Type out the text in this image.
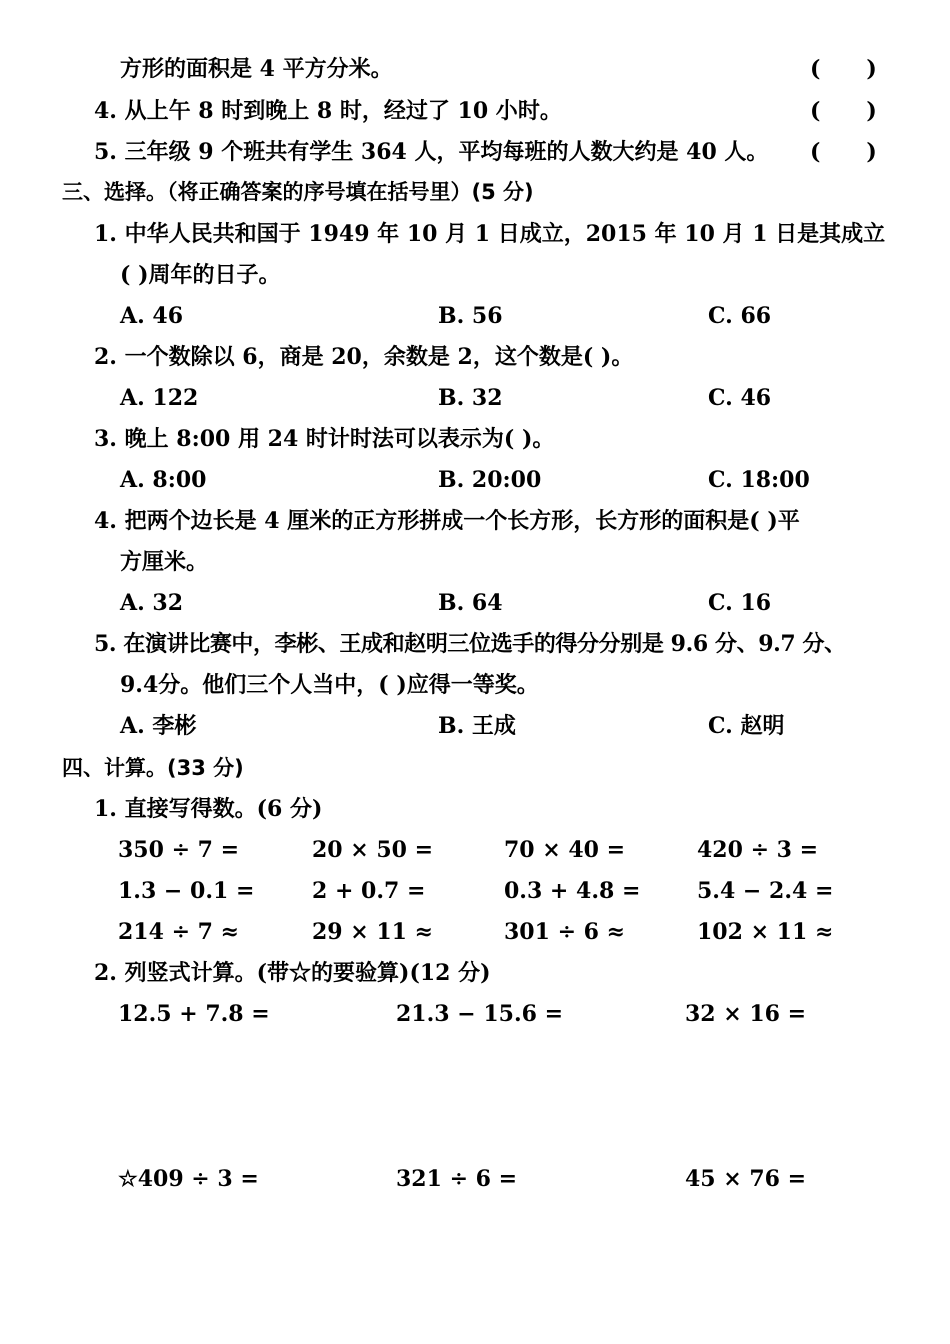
方形的面积是 4 平方分米。	(      )
4. 从上午 8 时到晚上 8 时，经过了 10 小时。	(      )
5. 三年级 9 个班共有学生 364 人，平均每班的人数大约是 40 人。 (      )
三、选择。（将正确答案的序号填在括号里）(5 分)
1. 中华人民共和国于 1949 年 10 月 1 日成立，2015 年 10 月 1 日是其成立
( )周年的日子。
A. 46	B. 56	C. 66
2. 一个数除以 6，商是 20，余数是 2，这个数是( )。
A. 122	B. 32	C. 46
3. 晚上 8:00 用 24 时计时法可以表示为( )。
A. 8:00	B. 20:00	C. 18:00
4. 把两个边长是 4 厘米的正方形拼成一个长方形，长方形的面积是( )平
方厘米。
A. 32	B. 64	C. 16
5. 在演讲比赛中，李彬、王成和赵明三位选手的得分分别是 9.6 分、9.7 分、
9.4分。他们三个人当中，( )应得一等奖。
A. 李彬	B. 王成	C. 赵明
四、计算。(33 分)
1. 直接写得数。(6 分)
350 ÷ 7 =	20 × 50 =	70 × 40 =	420 ÷ 3 =
1.3 − 0.1 =	2 + 0.7 =	0.3 + 4.8 =	5.4 − 2.4 =
214 ÷ 7 ≈	29 × 11 ≈	301 ÷ 6 ≈	102 × 11 ≈
2. 列竖式计算。(带☆的要验算)(12 分)
12.5 + 7.8 =	21.3 − 15.6 =	32 × 16 =
☆409 ÷ 3 =	321 ÷ 6 =	45 × 76 =
